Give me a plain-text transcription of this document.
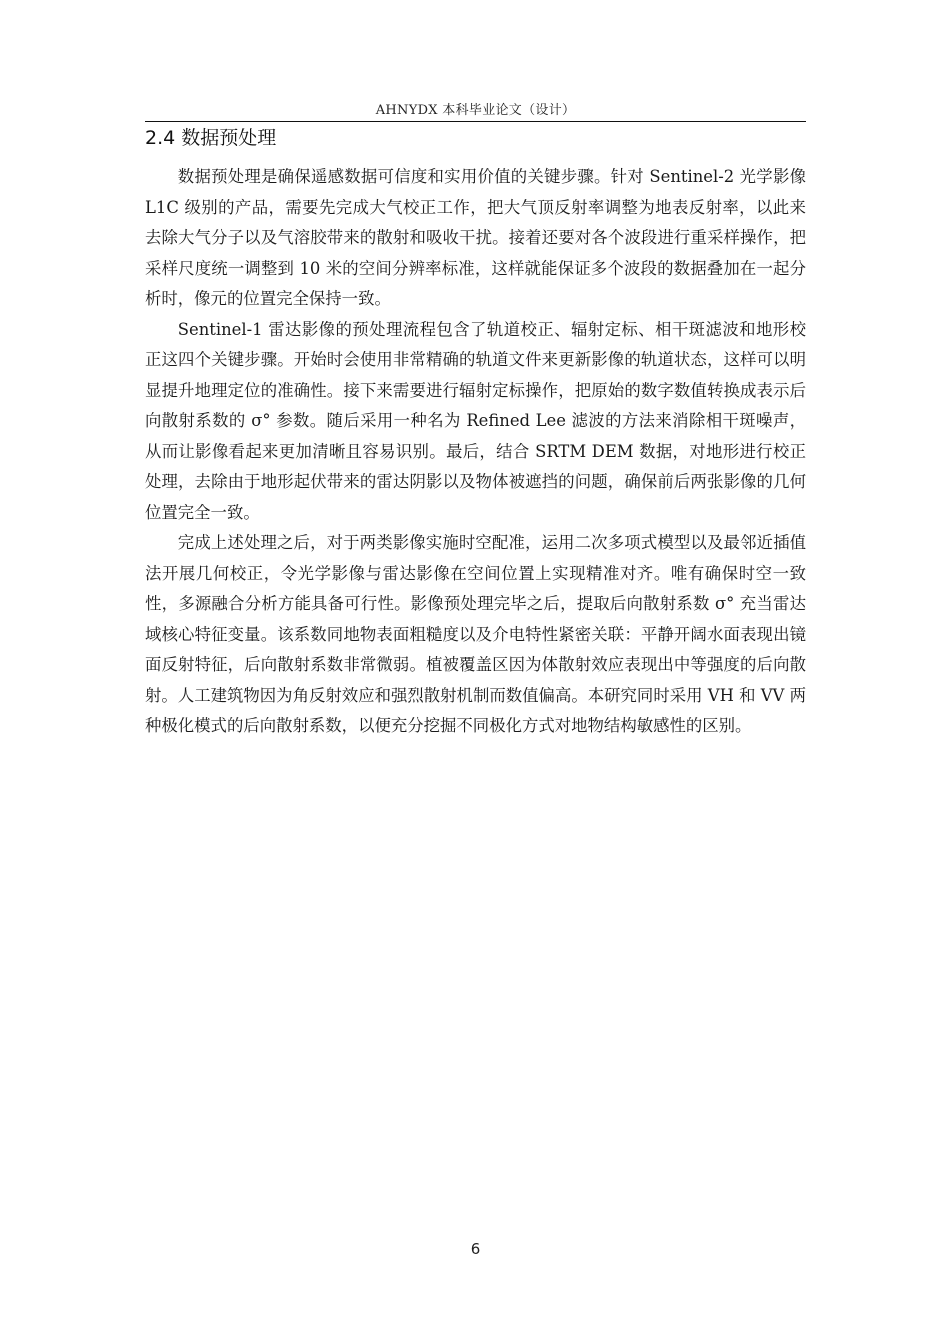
AHNYDX 本科毕业论文（设计）
2.4 数据预处理

数据预处理是确保遥感数据可信度和实用价值的关键步骤。针对 Sentinel-2 光学影像 L1C 级别的产品，需要先完成大气校正工作，把大气顶反射率调整为地表反射率，以此来去除大气分子以及气溶胶带来的散射和吸收干扰。接着还要对各个波段进行重采样操作，把采样尺度统一调整到 10 米的空间分辨率标准，这样就能保证多个波段的数据叠加在一起分析时，像元的位置完全保持一致。

Sentinel-1 雷达影像的预处理流程包含了轨道校正、辐射定标、相干斑滤波和地形校正这四个关键步骤。开始时会使用非常精确的轨道文件来更新影像的轨道状态，这样可以明显提升地理定位的准确性。接下来需要进行辐射定标操作，把原始的数字数值转换成表示后向散射系数的 σ° 参数。随后采用一种名为 Refined Lee 滤波的方法来消除相干斑噪声，从而让影像看起来更加清晰且容易识别。最后，结合 SRTM DEM 数据，对地形进行校正处理，去除由于地形起伏带来的雷达阴影以及物体被遮挡的问题，确保前后两张影像的几何位置完全一致。

完成上述处理之后，对于两类影像实施时空配准，运用二次多项式模型以及最邻近插值法开展几何校正，令光学影像与雷达影像在空间位置上实现精准对齐。唯有确保时空一致性，多源融合分析方能具备可行性。影像预处理完毕之后，提取后向散射系数 σ° 充当雷达域核心特征变量。该系数同地物表面粗糙度以及介电特性紧密关联：平静开阔水面表现出镜面反射特征，后向散射系数非常微弱。植被覆盖区因为体散射效应表现出中等强度的后向散射。人工建筑物因为角反射效应和强烈散射机制而数值偏高。本研究同时采用 VH 和 VV 两种极化模式的后向散射系数，以便充分挖掘不同极化方式对地物结构敏感性的区别。

6
